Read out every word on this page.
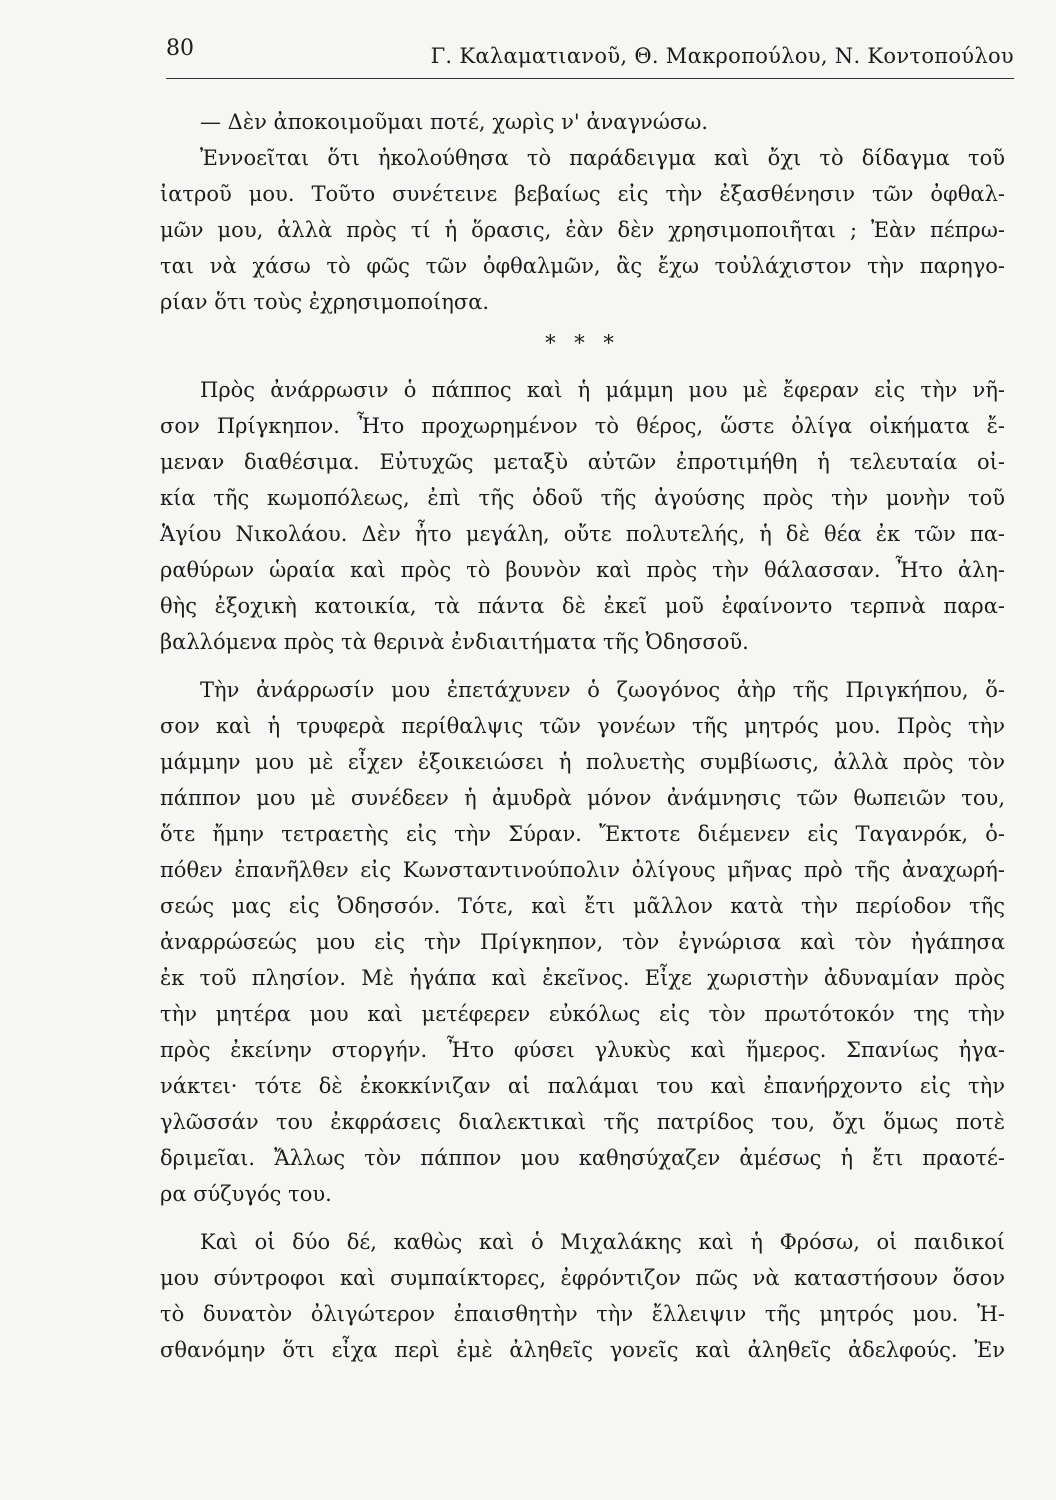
80	Γ. Καλαματιανοῦ, Θ. Μακροπούλου, Ν. Κοντοπούλου

— Δὲν ἀποκοιμοῦμαι ποτέ, χωρὶς ν' ἀναγνώσω.

Ἐννοεῖται ὅτι ἠκολούθησα τὸ παράδειγμα καὶ ὄχι τὸ δίδαγμα τοῦ
ἰατροῦ μου. Τοῦτο συνέτεινε βεβαίως εἰς τὴν ἐξασθένησιν τῶν ὀφθαλ-
μῶν μου, ἀλλὰ πρὸς τί ἡ ὅρασις, ἐὰν δὲν χρησιμοποιῆται ; Ἐὰν πέπρω-
ται νὰ χάσω τὸ φῶς τῶν ὀφθαλμῶν, ἂς ἔχω τοὐλάχιστον τὴν παρηγο-
ρίαν ὅτι τοὺς ἐχρησιμοποίησα.

* * *

Πρὸς ἀνάρρωσιν ὁ πάππος καὶ ἡ μάμμη μου μὲ ἔφεραν εἰς τὴν νῆ-
σον Πρίγκηπον. Ἦτο προχωρημένον τὸ θέρος, ὥστε ὀλίγα οἰκήματα ἔ-
μεναν διαθέσιμα. Εὐτυχῶς μεταξὺ αὐτῶν ἐπροτιμήθη ἡ τελευταία οἰ-
κία τῆς κωμοπόλεως, ἐπὶ τῆς ὁδοῦ τῆς ἀγούσης πρὸς τὴν μονὴν τοῦ
Ἁγίου Νικολάου. Δὲν ἦτο μεγάλη, οὔτε πολυτελής, ἡ δὲ θέα ἐκ τῶν πα-
ραθύρων ὡραία καὶ πρὸς τὸ βουνὸν καὶ πρὸς τὴν θάλασσαν. Ἦτο ἀλη-
θὴς ἐξοχικὴ κατοικία, τὰ πάντα δὲ ἐκεῖ μοῦ ἐφαίνοντο τερπνὰ παρα-
βαλλόμενα πρὸς τὰ θερινὰ ἐνδιαιτήματα τῆς Ὀδησσοῦ.

Τὴν ἀνάρρωσίν μου ἐπετάχυνεν ὁ ζωογόνος ἀὴρ τῆς Πριγκήπου, ὅ-
σον καὶ ἡ τρυφερὰ περίθαλψις τῶν γονέων τῆς μητρός μου. Πρὸς τὴν
μάμμην μου μὲ εἶχεν ἐξοικειώσει ἡ πολυετὴς συμβίωσις, ἀλλὰ πρὸς τὸν
πάππον μου μὲ συνέδεεν ἡ ἀμυδρὰ μόνον ἀνάμνησις τῶν θωπειῶν του,
ὅτε ἤμην τετραετὴς εἰς τὴν Σύραν. Ἔκτοτε διέμενεν εἰς Ταγανρόκ, ὁ-
πόθεν ἐπανῆλθεν εἰς Κωνσταντινούπολιν ὀλίγους μῆνας πρὸ τῆς ἀναχωρή-
σεώς μας εἰς Ὀδησσόν. Τότε, καὶ ἔτι μᾶλλον κατὰ τὴν περίοδον τῆς
ἀναρρώσεώς μου εἰς τὴν Πρίγκηπον, τὸν ἐγνώρισα καὶ τὸν ἠγάπησα
ἐκ τοῦ πλησίον. Μὲ ἠγάπα καὶ ἐκεῖνος. Εἶχε χωριστὴν ἀδυναμίαν πρὸς
τὴν μητέρα μου καὶ μετέφερεν εὐκόλως εἰς τὸν πρωτότοκόν της τὴν
πρὸς ἐκείνην στοργήν. Ἦτο φύσει γλυκὺς καὶ ἥμερος. Σπανίως ἠγα-
νάκτει· τότε δὲ ἐκοκκίνιζαν αἱ παλάμαι του καὶ ἐπανήρχοντο εἰς τὴν
γλῶσσάν του ἐκφράσεις διαλεκτικαὶ τῆς πατρίδος του, ὄχι ὅμως ποτὲ
δριμεῖαι. Ἄλλως τὸν πάππον μου καθησύχαζεν ἀμέσως ἡ ἔτι πραοτέ-
ρα σύζυγός του.

Καὶ οἱ δύο δέ, καθὼς καὶ ὁ Μιχαλάκης καὶ ἡ Φρόσω, οἱ παιδικοί
μου σύντροφοι καὶ συμπαίκτορες, ἐφρόντιζον πῶς νὰ καταστήσουν ὅσον
τὸ δυνατὸν ὀλιγώτερον ἐπαισθητὴν τὴν ἔλλειψιν τῆς μητρός μου. Ἠ-
σθανόμην ὅτι εἶχα περὶ ἐμὲ ἀληθεῖς γονεῖς καὶ ἀληθεῖς ἀδελφούς. Ἐν
